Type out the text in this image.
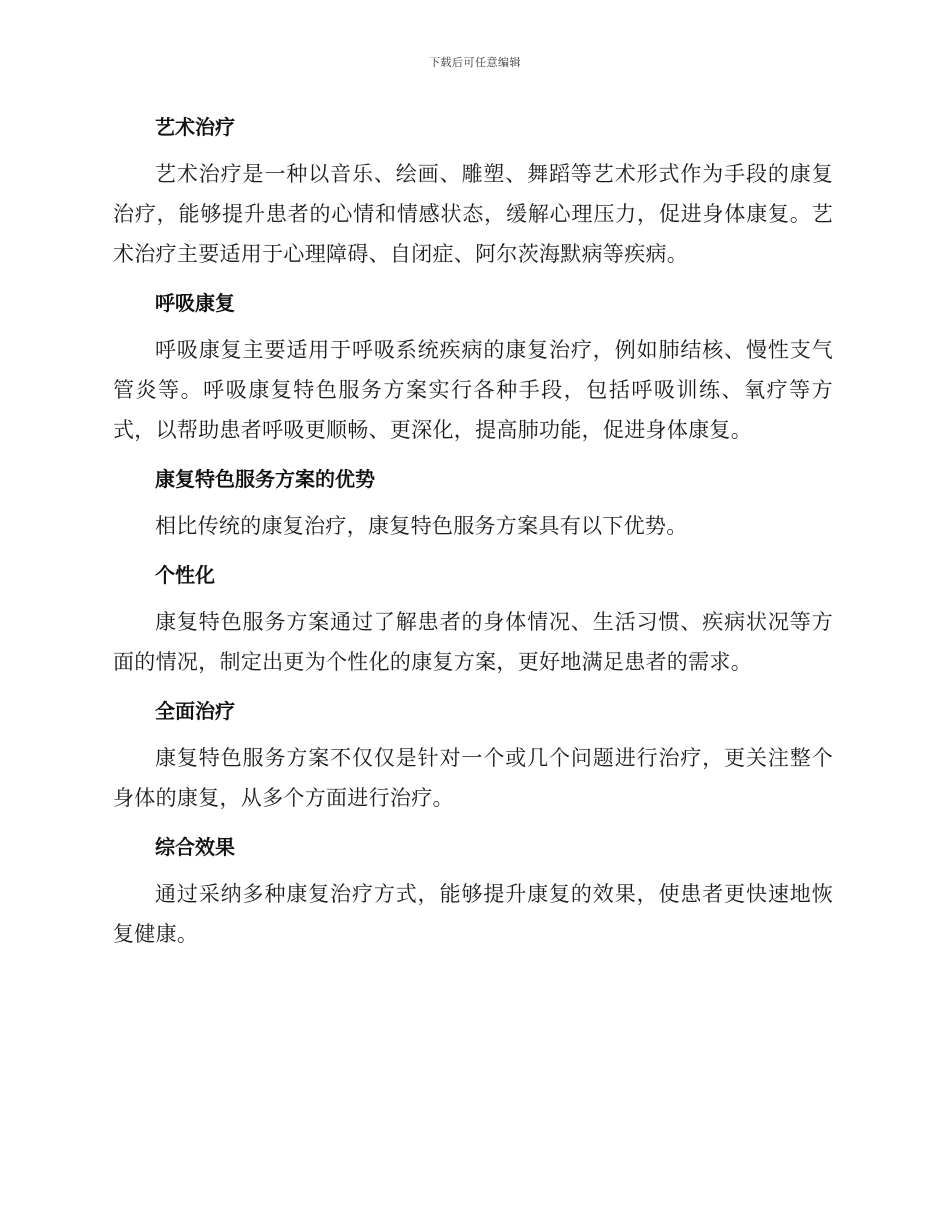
下载后可任意编辑
艺术治疗

艺术治疗是一种以音乐、绘画、雕塑、舞蹈等艺术形式作为手段的康复治疗，能够提升患者的心情和情感状态，缓解心理压力，促进身体康复。艺术治疗主要适用于心理障碍、自闭症、阿尔茨海默病等疾病。

呼吸康复

呼吸康复主要适用于呼吸系统疾病的康复治疗，例如肺结核、慢性支气管炎等。呼吸康复特色服务方案实行各种手段，包括呼吸训练、氧疗等方式，以帮助患者呼吸更顺畅、更深化，提高肺功能，促进身体康复。

康复特色服务方案的优势

相比传统的康复治疗，康复特色服务方案具有以下优势。

个性化

康复特色服务方案通过了解患者的身体情况、生活习惯、疾病状况等方面的情况，制定出更为个性化的康复方案，更好地满足患者的需求。

全面治疗

康复特色服务方案不仅仅是针对一个或几个问题进行治疗，更关注整个身体的康复，从多个方面进行治疗。

综合效果

通过采纳多种康复治疗方式，能够提升康复的效果，使患者更快速地恢复健康。
